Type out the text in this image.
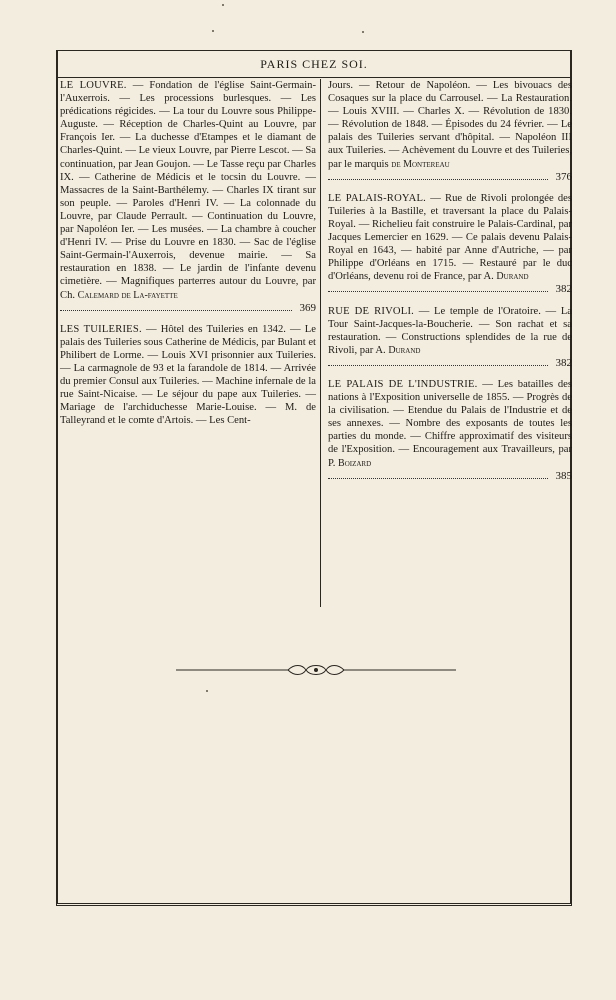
PARIS CHEZ SOI.

LE LOUVRE. — Fondation de l'église Saint-Germain-l'Auxerrois. — Les processions burlesques. — Les prédications régicides. — La tour du Louvre sous Philippe-Auguste. — Réception de Charles-Quint au Louvre, par François Ier. — La duchesse d'Etampes et le diamant de Charles-Quint. — Le vieux Louvre, par Pierre Lescot. — Sa continuation, par Jean Goujon. — Le Tasse reçu par Charles IX. — Catherine de Médicis et le tocsin du Louvre. — Massacres de la Saint-Barthélemy. — Charles IX tirant sur son peuple. — Paroles d'Henri IV. — La colonnade du Louvre, par Claude Perrault. — Continuation du Louvre, par Napoléon Ier. — Les musées. — La chambre à coucher d'Henri IV. — Prise du Louvre en 1830. — Sac de l'église Saint-Germain-l'Auxerrois, devenue mairie. — Sa restauration en 1838. — Le jardin de l'infante devenu cimetière. — Magnifiques parterres autour du Louvre, par Ch. Calemard de La-fayette

369

LES TUILERIES. — Hôtel des Tuileries en 1342. — Le palais des Tuileries sous Catherine de Médicis, par Bulant et Philibert de Lorme. — Louis XVI prisonnier aux Tuileries. — La carmagnole de 93 et la farandole de 1814. — Arrivée du premier Consul aux Tuileries. — Machine infernale de la rue Saint-Nicaise. — Le séjour du pape aux Tuileries. — Mariage de l'archiduchesse Marie-Louise. — M. de Talleyrand et le comte d'Artois. — Les Cent-

Jours. — Retour de Napoléon. — Les bivouacs des Cosaques sur la place du Carrousel. — La Restauration. — Louis XVIII. — Charles X. — Révolution de 1830. — Révolution de 1848. — Épisodes du 24 février. — Le palais des Tuileries servant d'hôpital. — Napoléon III aux Tuileries. — Achèvement du Louvre et des Tuileries, par le marquis de Montereau

376

LE PALAIS-ROYAL. — Rue de Rivoli prolongée des Tuileries à la Bastille, et traversant la place du Palais-Royal. — Richelieu fait construire le Palais-Cardinal, par Jacques Lemercier en 1629. — Ce palais devenu Palais-Royal en 1643, — habité par Anne d'Autriche, — par Philippe d'Orléans en 1715. — Restauré par le duc d'Orléans, devenu roi de France, par A. Durand

382

RUE DE RIVOLI. — Le temple de l'Oratoire. — La Tour Saint-Jacques-la-Boucherie. — Son rachat et sa restauration. — Constructions splendides de la rue de Rivoli, par A. Durand

382

LE PALAIS DE L'INDUSTRIE. — Les batailles des nations à l'Exposition universelle de 1855. — Progrès de la civilisation. — Etendue du Palais de l'Industrie et de ses annexes. — Nombre des exposants de toutes les parties du monde. — Chiffre approximatif des visiteurs de l'Exposition. — Encouragement aux Travailleurs, par P. Boizard

385
